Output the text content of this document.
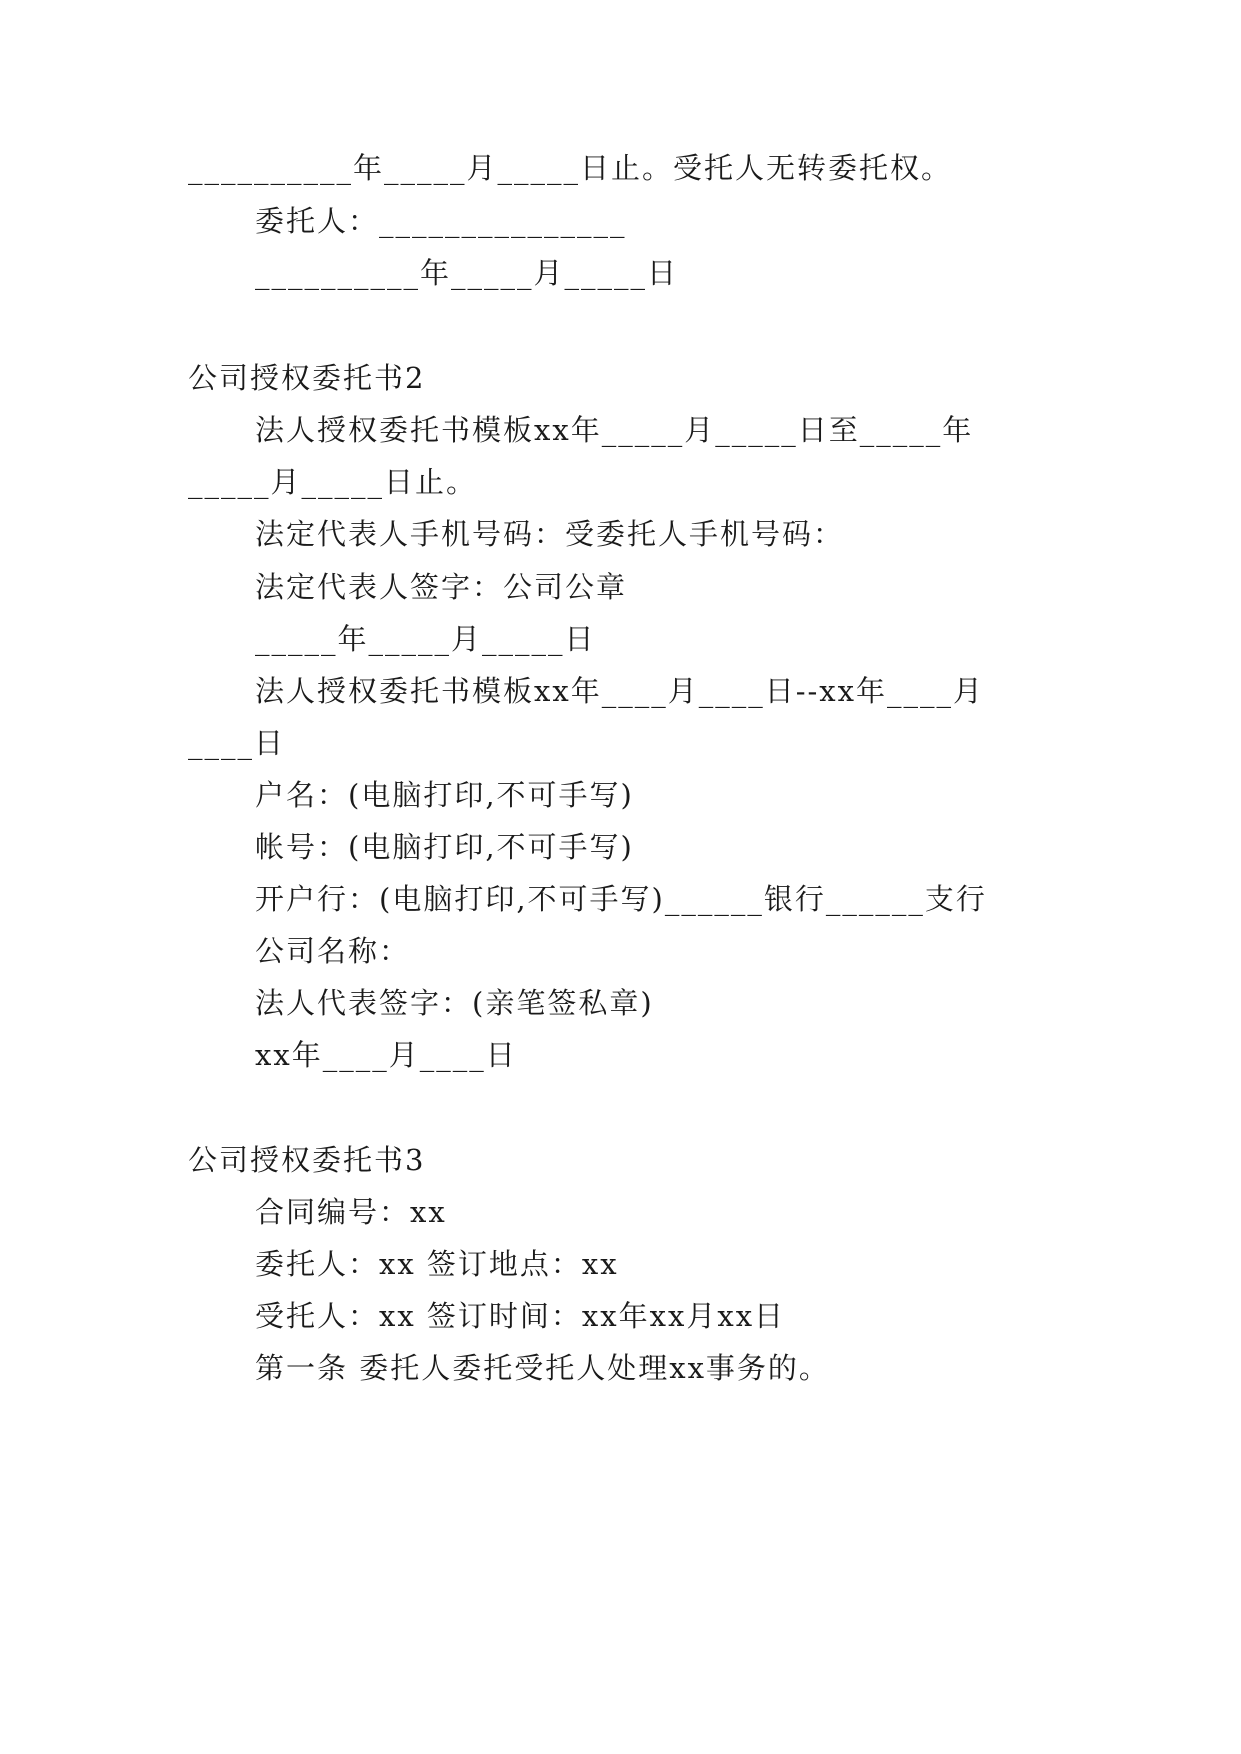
__________年_____月_____日止。受托人无转委托权。
委托人：_______________
__________年_____月_____日
公司授权委托书2
法人授权委托书模板xx年_____月_____日至_____年
_____月_____日止。
法定代表人手机号码：受委托人手机号码：
法定代表人签字：公司公章
_____年_____月_____日
法人授权委托书模板xx年____月____日--xx年____月
____日
户名：(电脑打印,不可手写)
帐号：(电脑打印,不可手写)
开户行：(电脑打印,不可手写)______银行______支行
公司名称：
法人代表签字：(亲笔签私章)
xx年____月____日
公司授权委托书3
合同编号：xx
委托人：xx 签订地点：xx
受托人：xx 签订时间：xx年xx月xx日
第一条 委托人委托受托人处理xx事务的。
